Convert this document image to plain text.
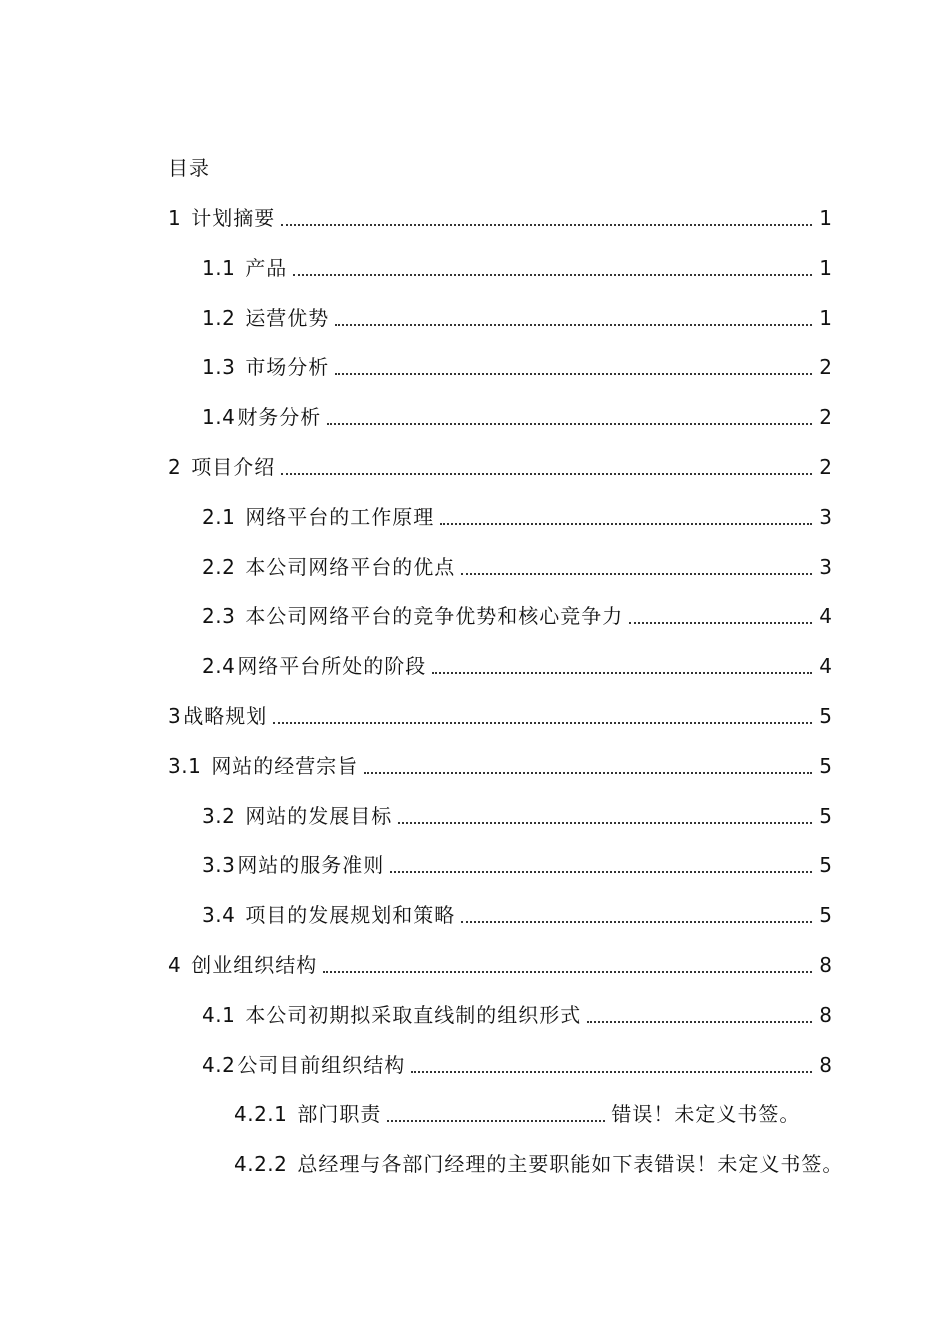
目录
1 计划摘要	1
1.1 产品	1
1.2 运营优势	1
1.3 市场分析	2
1.4 财务分析	2
2 项目介绍	2
2.1 网络平台的工作原理	3
2.2 本公司网络平台的优点	3
2.3 本公司网络平台的竞争优势和核心竞争力	4
2.4 网络平台所处的阶段	4
3 战略规划	5
3.1 网站的经营宗旨	5
3.2 网站的发展目标	5
3.3 网站的服务准则	5
3.4 项目的发展规划和策略	5
4 创业组织结构	8
4.1 本公司初期拟采取直线制的组织形式	8
4.2 公司目前组织结构	8
4.2.1 部门职责	错误！未定义书签。
4.2.2 总经理与各部门经理的主要职能如下表 错误！未定义书签。
